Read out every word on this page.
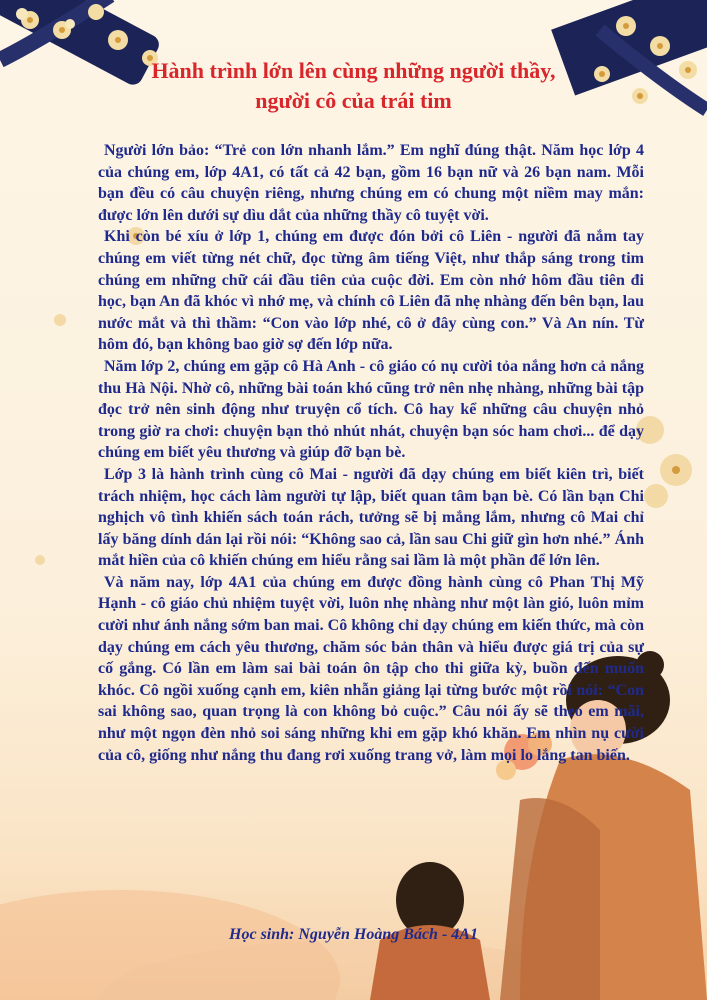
Hành trình lớn lên cùng những người thầy,
người cô của trái tim

Người lớn bảo: “Trẻ con lớn nhanh lắm.” Em nghĩ đúng thật. Năm học lớp 4 của chúng em, lớp 4A1, có tất cả 42 bạn, gồm 16 bạn nữ và 26 bạn nam. Mỗi bạn đều có câu chuyện riêng, nhưng chúng em có chung một niềm may mắn: được lớn lên dưới sự dìu dắt của những thầy cô tuyệt vời.

Khi còn bé xíu ở lớp 1, chúng em được đón bởi cô Liên - người đã nắm tay chúng em viết từng nét chữ, đọc từng âm tiếng Việt, như thắp sáng trong tim chúng em những chữ cái đầu tiên của cuộc đời. Em còn nhớ hôm đầu tiên đi học, bạn An đã khóc vì nhớ mẹ, và chính cô Liên đã nhẹ nhàng đến bên bạn, lau nước mắt và thì thầm: “Con vào lớp nhé, cô ở đây cùng con.” Và An nín. Từ hôm đó, bạn không bao giờ sợ đến lớp nữa.

Năm lớp 2, chúng em gặp cô Hà Anh - cô giáo có nụ cười tỏa nắng hơn cả nắng thu Hà Nội. Nhờ cô, những bài toán khó cũng trở nên nhẹ nhàng, những bài tập đọc trở nên sinh động như truyện cổ tích. Cô hay kể những câu chuyện nhỏ trong giờ ra chơi: chuyện bạn thỏ nhút nhát, chuyện bạn sóc ham chơi... để dạy chúng em biết yêu thương và giúp đỡ bạn bè.

Lớp 3 là hành trình cùng cô Mai - người đã dạy chúng em biết kiên trì, biết trách nhiệm, học cách làm người tự lập, biết quan tâm bạn bè. Có lần bạn Chi nghịch vô tình khiến sách toán rách, tưởng sẽ bị mắng lắm, nhưng cô Mai chỉ lấy băng dính dán lại rồi nói: “Không sao cả, lần sau Chi giữ gìn hơn nhé.” Ánh mắt hiền của cô khiến chúng em hiểu rằng sai lầm là một phần để lớn lên.

Và năm nay, lớp 4A1 của chúng em được đồng hành cùng cô Phan Thị Mỹ Hạnh - cô giáo chủ nhiệm tuyệt vời, luôn nhẹ nhàng như một làn gió, luôn mỉm cười như ánh nắng sớm ban mai. Cô không chỉ dạy chúng em kiến thức, mà còn dạy chúng em cách yêu thương, chăm sóc bản thân và hiểu được giá trị của sự cố gắng. Có lần em làm sai bài toán ôn tập cho thi giữa kỳ, buồn đến muốn khóc. Cô ngồi xuống cạnh em, kiên nhẫn giảng lại từng bước một rồi nói: “Con sai không sao, quan trọng là con không bỏ cuộc.” Câu nói ấy sẽ theo em mãi, như một ngọn đèn nhỏ soi sáng những khi em gặp khó khăn. Em nhìn nụ cười của cô, giống như nắng thu đang rơi xuống trang vở, làm mọi lo lắng tan biến.

Học sinh: Nguyễn Hoàng Bách - 4A1
